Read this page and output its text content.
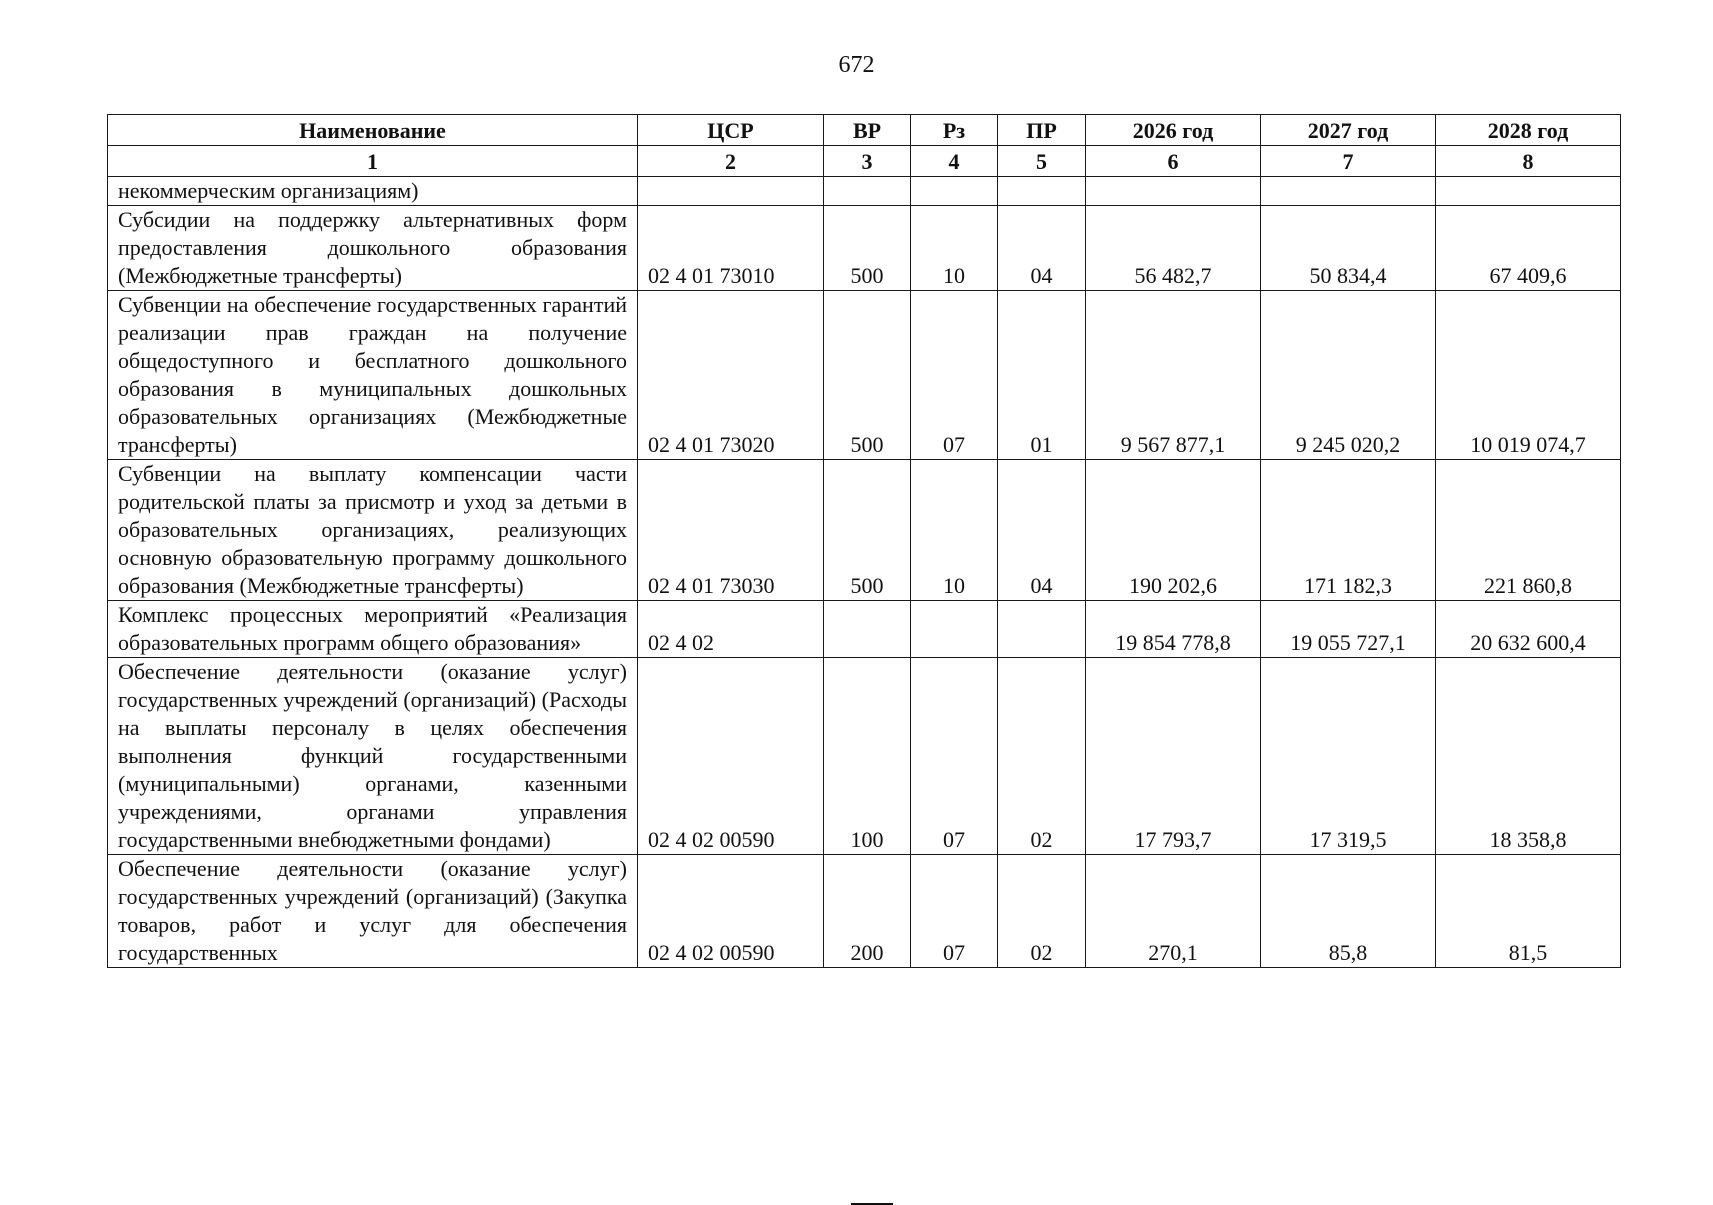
672
Наименование	ЦСР	ВР	Рз	ПР	2026 год	2027 год	2028 год
1	2	3	4	5	6	7	8
некоммерческим организациям)							
Субсидии на поддержку альтернативных форм предоставления дошкольного образования (Межбюджетные трансферты)	02 4 01 73010	500	10	04	56 482,7	50 834,4	67 409,6
Субвенции на обеспечение государственных гарантий реализации прав граждан на получение общедоступного и бесплатного дошкольного образования в муниципальных дошкольных образовательных организациях (Межбюджетные трансферты)	02 4 01 73020	500	07	01	9 567 877,1	9 245 020,2	10 019 074,7
Субвенции на выплату компенсации части родительской платы за присмотр и уход за детьми в образовательных организациях, реализующих основную образовательную программу дошкольного образования (Межбюджетные трансферты)	02 4 01 73030	500	10	04	190 202,6	171 182,3	221 860,8
Комплекс процессных мероприятий «Реализация образовательных программ общего образования»	02 4 02				19 854 778,8	19 055 727,1	20 632 600,4
Обеспечение деятельности (оказание услуг) государственных учреждений (организаций) (Расходы на выплаты персоналу в целях обеспечения выполнения функций государственными (муниципальными) органами, казенными учреждениями, органами управления государственными внебюджетными фондами)	02 4 02 00590	100	07	02	17 793,7	17 319,5	18 358,8
Обеспечение деятельности (оказание услуг) государственных учреждений (организаций) (Закупка товаров, работ и услуг для обеспечения государственных	02 4 02 00590	200	07	02	270,1	85,8	81,5
